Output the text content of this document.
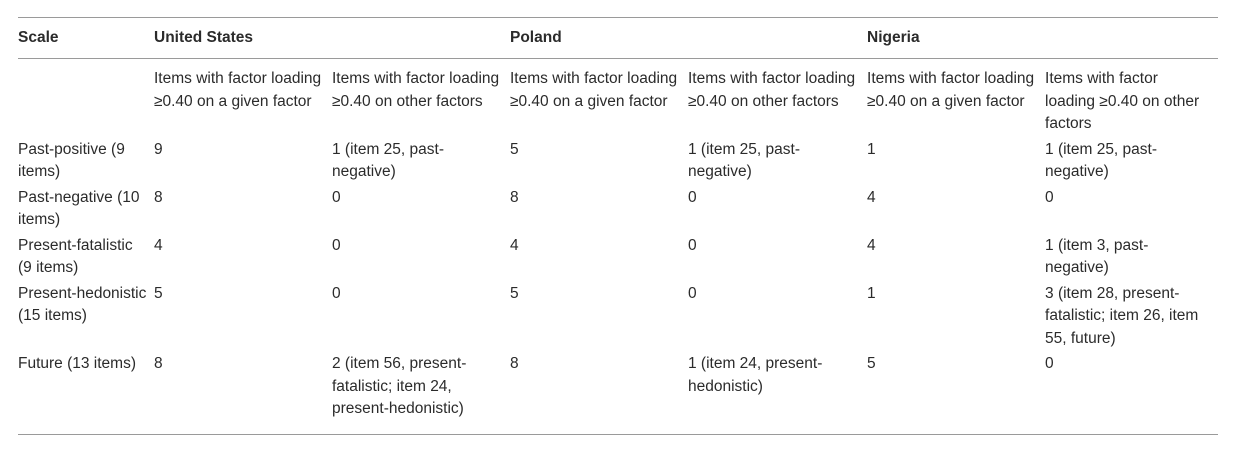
Scale	United States		Poland		Nigeria	
	Items with factor loading ≥0.40 on a given factor	Items with factor loading ≥0.40 on other factors	Items with factor loading ≥0.40 on a given factor	Items with factor loading ≥0.40 on other factors	Items with factor loading ≥0.40 on a given factor	Items with factor loading ≥0.40 on other factors
Past-positive (9 items)	9	1 (item 25, past-negative)	5	1 (item 25, past-negative)	1	1 (item 25, past-negative)
Past-negative (10 items)	8	0	8	0	4	0
Present-fatalistic (9 items)	4	0	4	0	4	1 (item 3, past-negative)
Present-hedonistic (15 items)	5	0	5	0	1	3 (item 28, present-fatalistic; item 26, item 55, future)
Future (13 items)	8	2 (item 56, present-fatalistic; item 24, present-hedonistic)	8	1 (item 24, present-hedonistic)	5	0
